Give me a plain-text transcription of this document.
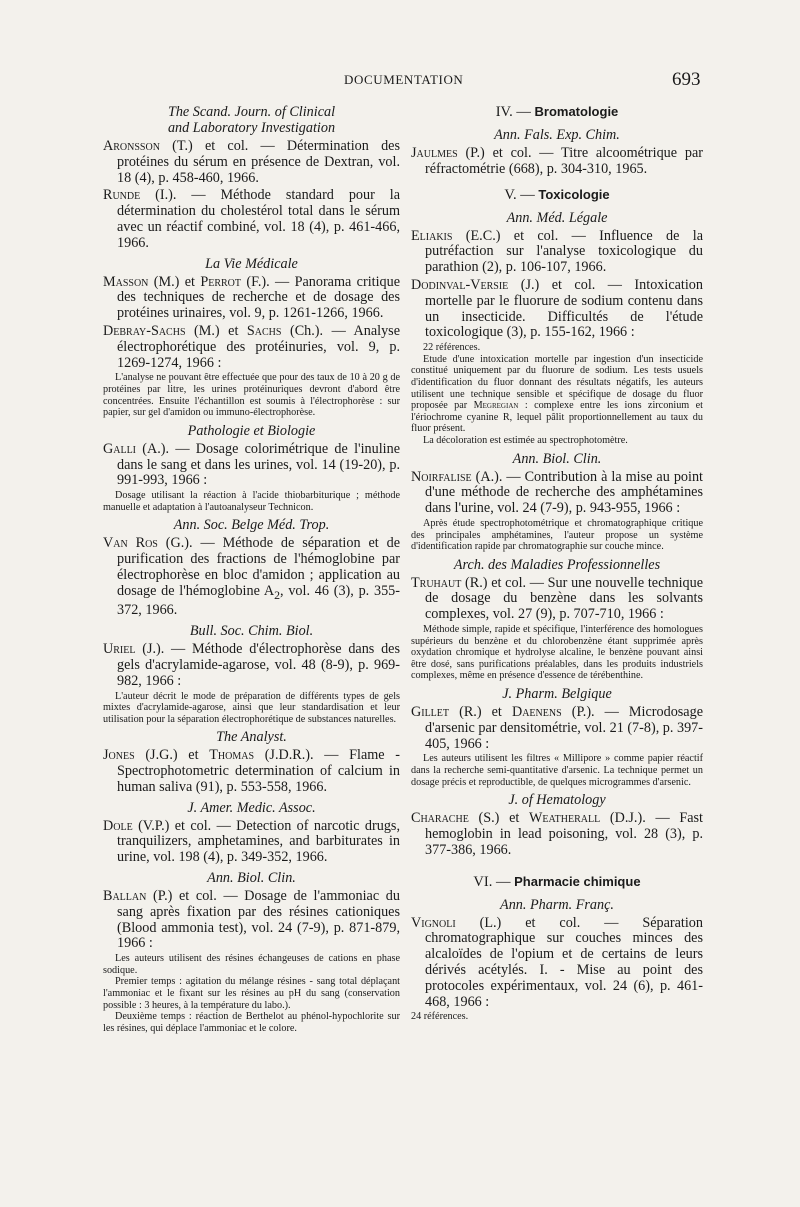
DOCUMENTATION	693
The Scand. Journ. of Clinical
and Laboratory Investigation
Aronsson (T.) et col. — Détermination des protéines du sérum en présence de Dextran, vol. 18 (4), p. 458-460, 1966.
Runde (I.). — Méthode standard pour la détermination du cholestérol total dans le sérum avec un réactif combiné, vol. 18 (4), p. 461-466, 1966.
La Vie Médicale
Masson (M.) et Perrot (F.). — Panorama critique des techniques de recherche et de dosage des protéines urinaires, vol. 9, p. 1261-1266, 1966.
Debray-Sachs (M.) et Sachs (Ch.). — Analyse électrophorétique des protéinuries, vol. 9, p. 1269-1274, 1966 :

L'analyse ne pouvant être effectuée que pour des taux de 10 à 20 g de protéines par litre, les urines protéinuriques devront d'abord être concentrées. Ensuite l'échantillon est soumis à l'électrophorèse : sur papier, sur gel d'amidon ou immuno-électrophorèse.

Pathologie et Biologie
Galli (A.). — Dosage colorimétrique de l'inuline dans le sang et dans les urines, vol. 14 (19-20), p. 991-993, 1966 :

Dosage utilisant la réaction à l'acide thiobarbiturique ; méthode manuelle et adaptation à l'autoanalyseur Technicon.

Ann. Soc. Belge Méd. Trop.
Van Ros (G.). — Méthode de séparation et de purification des fractions de l'hémoglobine par électrophorèse en bloc d'amidon ; application au dosage de l'hémoglobine $A_2$, vol. 46 (3), p. 355-372, 1966.
Bull. Soc. Chim. Biol.
Uriel (J.). — Méthode d'électrophorèse dans des gels d'acrylamide-agarose, vol. 48 (8-9), p. 969-982, 1966 :

L'auteur décrit le mode de préparation de différents types de gels mixtes d'acrylamide-agarose, ainsi que leur standardisation et leur utilisation pour la séparation électrophorétique de substances naturelles.

The Analyst.
Jones (J.G.) et Thomas (J.D.R.). — Flame - Spectrophotometric determination of calcium in human saliva (91), p. 553-558, 1966.
J. Amer. Medic. Assoc.
Dole (V.P.) et col. — Detection of narcotic drugs, tranquilizers, amphetamines, and barbiturates in urine, vol. 198 (4), p. 349-352, 1966.
Ann. Biol. Clin.
Ballan (P.) et col. — Dosage de l'ammoniac du sang après fixation par des résines cationiques (Blood ammonia test), vol. 24 (7-9), p. 871-879, 1966 :

Les auteurs utilisent des résines échangeuses de cations en phase sodique.

Premier temps : agitation du mélange résines - sang total déplaçant l'ammoniac et le fixant sur les résines au pH du sang (conservation possible : 3 heures, à la température du labo.).

Deuxième temps : réaction de Berthelot au phénol-hypochlorite sur les résines, qui déplace l'ammoniac et le colore.

IV. — Bromatologie
Ann. Fals. Exp. Chim.
Jaulmes (P.) et col. — Titre alcoométrique par réfractométrie (668), p. 304-310, 1965.
V. — Toxicologie
Ann. Méd. Légale
Eliakis (E.C.) et col. — Influence de la putréfaction sur l'analyse toxicologique du parathion (2), p. 106-107, 1966.
Dodinval-Versie (J.) et col. — Intoxication mortelle par le fluorure de sodium contenu dans un insecticide. Difficultés de l'étude toxicologique (3), p. 155-162, 1966 :

22 références.

Etude d'une intoxication mortelle par ingestion d'un insecticide constitué uniquement par du fluorure de sodium. Les tests usuels d'identification du fluor donnant des résultats négatifs, les auteurs utilisent une technique sensible et spécifique de dosage du fluor proposée par Megregian : complexe entre les ions zirconium et l'ériochrome cyanine R, lequel pâlit proportionnellement au taux du fluor présent.

La décoloration est estimée au spectrophotomètre.

Ann. Biol. Clin.
Noirfalise (A.). — Contribution à la mise au point d'une méthode de recherche des amphétamines dans l'urine, vol. 24 (7-9), p. 943-955, 1966 :

Après étude spectrophotométrique et chromatographique critique des principales amphétamines, l'auteur propose un système d'identification rapide par chromatographie sur couche mince.

Arch. des Maladies Professionnelles
Truhaut (R.) et col. — Sur une nouvelle technique de dosage du benzène dans les solvants complexes, vol. 27 (9), p. 707-710, 1966 :

Méthode simple, rapide et spécifique, l'interférence des homologues supérieurs du benzène et du chlorobenzène étant supprimée après oxydation chromique et hydrolyse alcaline, le benzène pouvant ainsi être dosé, sans purifications préalables, dans les produits industriels complexes, même en présence d'essence de térébenthine.

J. Pharm. Belgique
Gillet (R.) et Daenens (P.). — Microdosage d'arsenic par densitométrie, vol. 21 (7-8), p. 397-405, 1966 :

Les auteurs utilisent les filtres « Millipore » comme papier réactif dans la recherche semi-quantitative d'arsenic. La technique permet un dosage précis et reproductible, de quelques microgrammes d'arsenic.

J. of Hematology
Charache (S.) et Weatherall (D.J.). — Fast hemoglobin in lead poisoning, vol. 28 (3), p. 377-386, 1966.
VI. — Pharmacie chimique
Ann. Pharm. Franç.
Vignoli (L.) et col. — Séparation chromatographique sur couches minces des alcaloïdes de l'opium et de certains de leurs dérivés acétylés. I. - Mise au point des protocoles expérimentaux, vol. 24 (6), p. 461-468, 1966 :

24 références.
